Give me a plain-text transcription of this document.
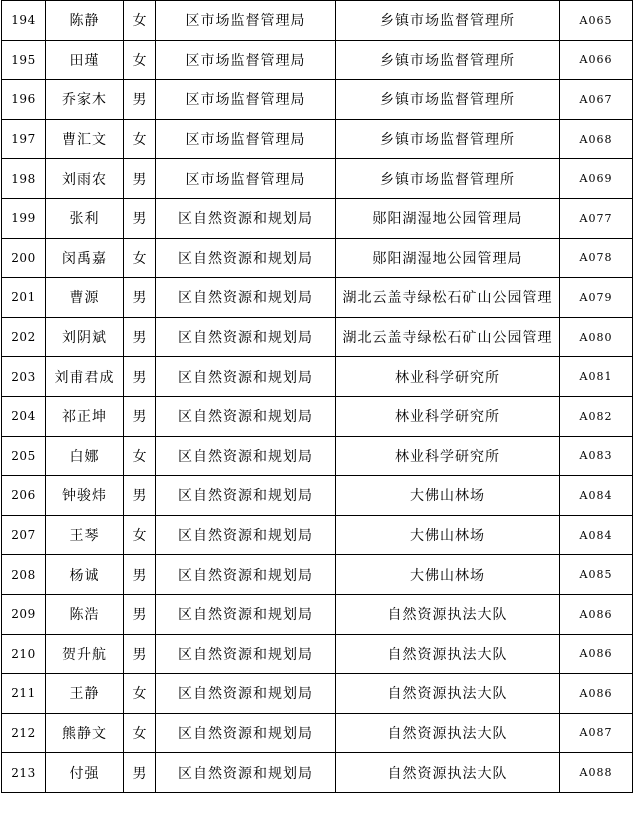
194	陈静	女	区市场监督管理局	乡镇市场监督管理所	A065
195	田瑾	女	区市场监督管理局	乡镇市场监督管理所	A066
196	乔家木	男	区市场监督管理局	乡镇市场监督管理所	A067
197	曹汇文	女	区市场监督管理局	乡镇市场监督管理所	A068
198	刘雨农	男	区市场监督管理局	乡镇市场监督管理所	A069
199	张利	男	区自然资源和规划局	郧阳湖湿地公园管理局	A077
200	闵禹嘉	女	区自然资源和规划局	郧阳湖湿地公园管理局	A078
201	曹源	男	区自然资源和规划局	湖北云盖寺绿松石矿山公园管理	A079
202	刘阴斌	男	区自然资源和规划局	湖北云盖寺绿松石矿山公园管理	A080
203	刘甫君成	男	区自然资源和规划局	林业科学研究所	A081
204	祁正坤	男	区自然资源和规划局	林业科学研究所	A082
205	白娜	女	区自然资源和规划局	林业科学研究所	A083
206	钟骏炜	男	区自然资源和规划局	大佛山林场	A084
207	王琴	女	区自然资源和规划局	大佛山林场	A084
208	杨诚	男	区自然资源和规划局	大佛山林场	A085
209	陈浩	男	区自然资源和规划局	自然资源执法大队	A086
210	贺升航	男	区自然资源和规划局	自然资源执法大队	A086
211	王静	女	区自然资源和规划局	自然资源执法大队	A086
212	熊静文	女	区自然资源和规划局	自然资源执法大队	A087
213	付强	男	区自然资源和规划局	自然资源执法大队	A088
